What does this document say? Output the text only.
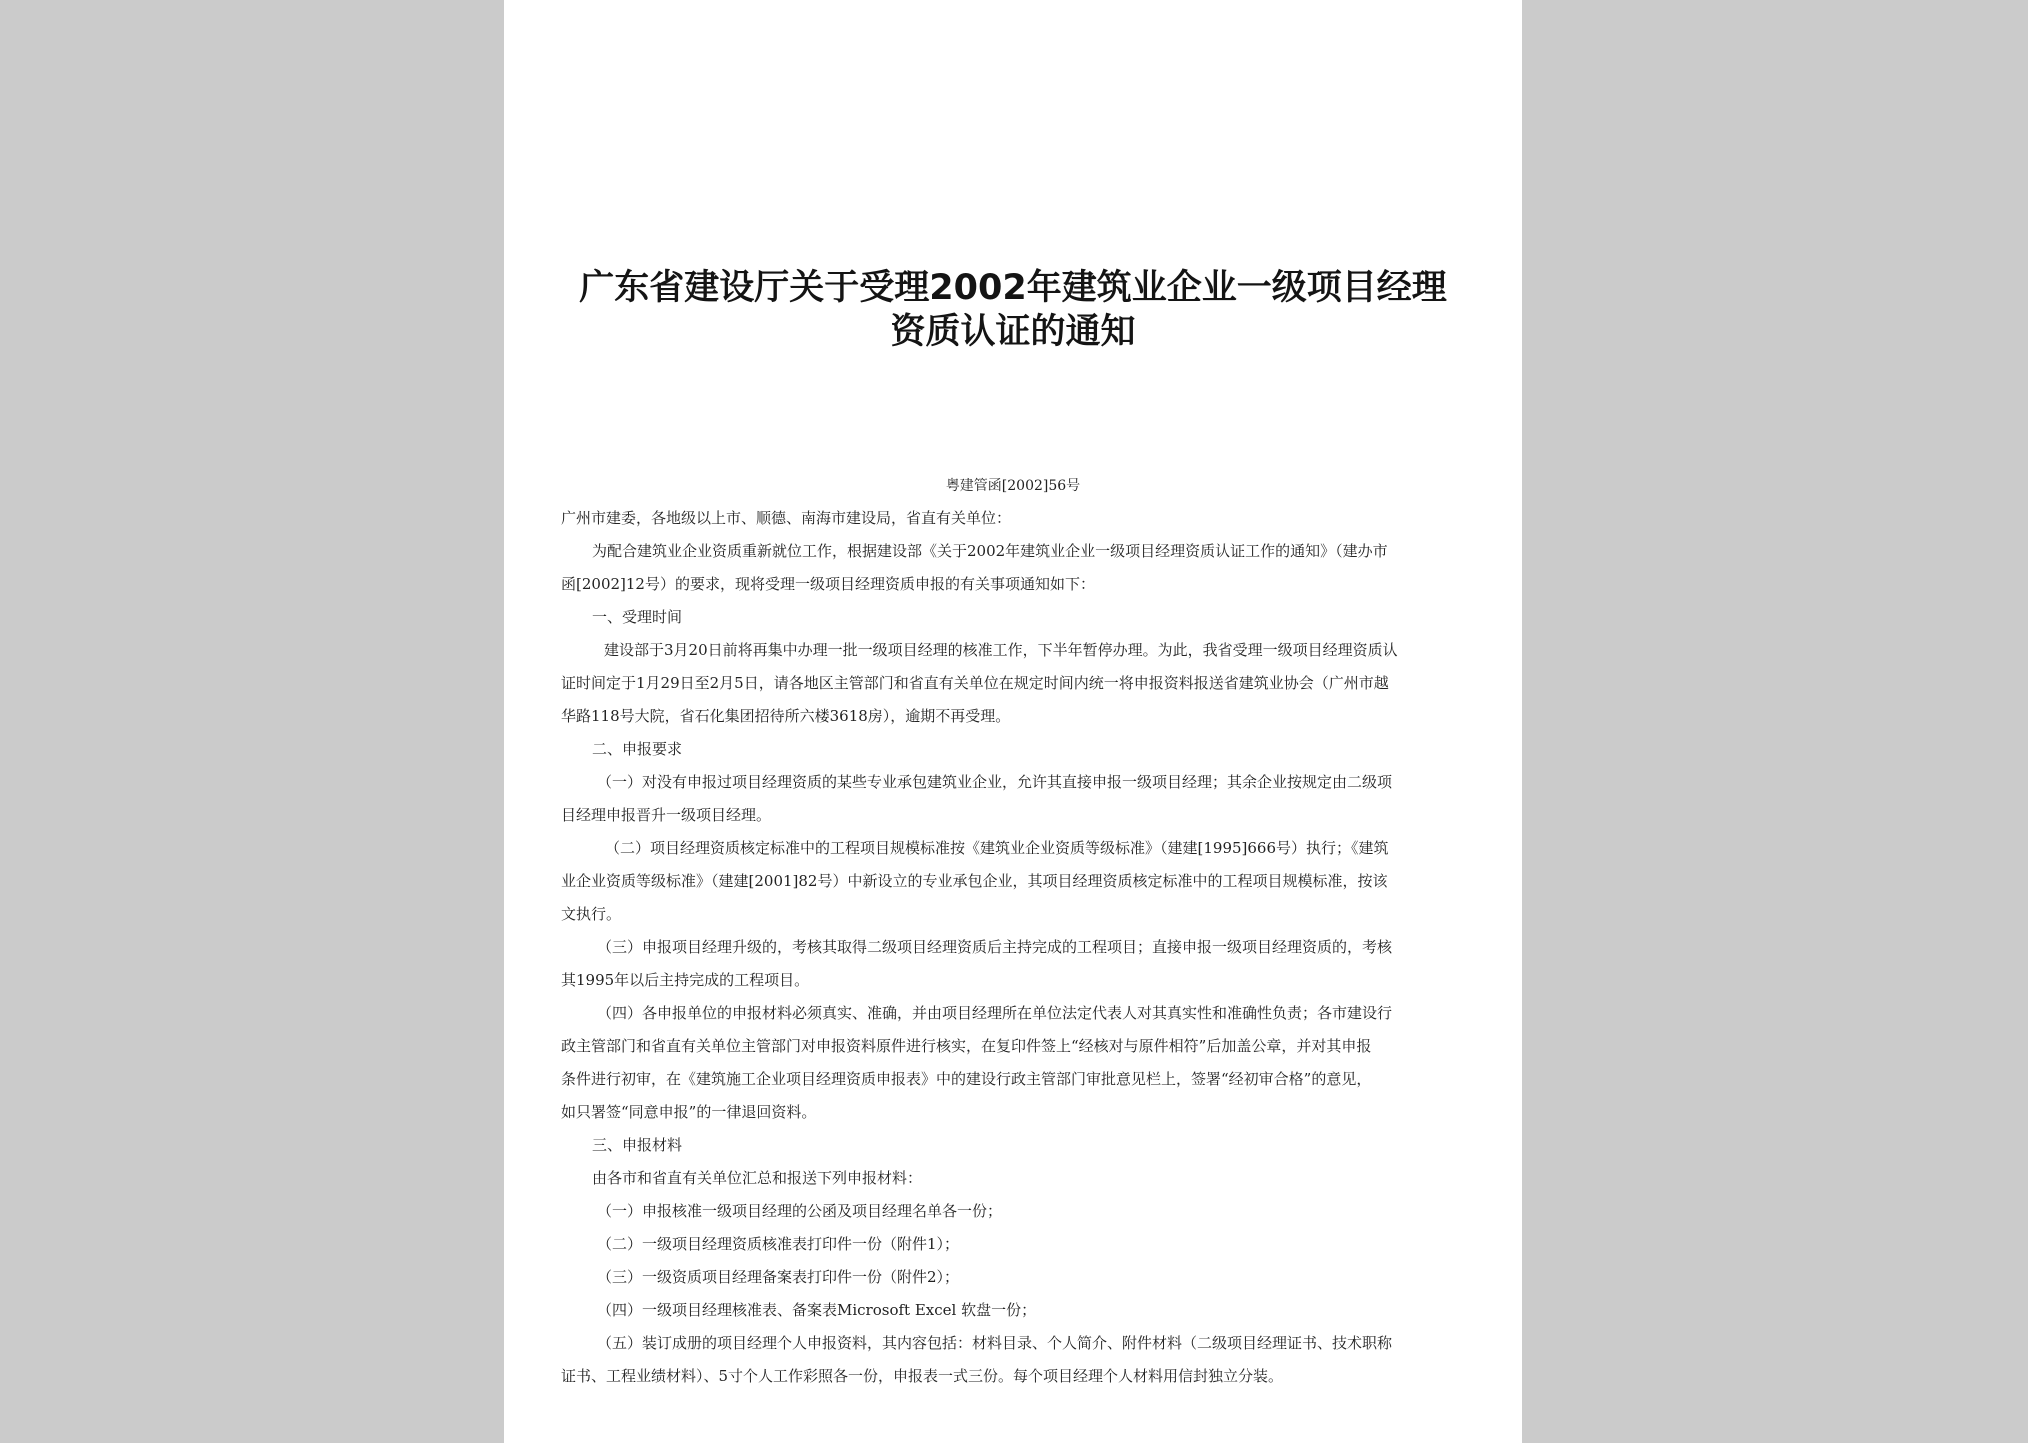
广东省建设厅关于受理2002年建筑业企业一级项目经理
资质认证的通知
粤建管函[2002]56号
广州市建委，各地级以上市、顺德、南海市建设局，省直有关单位：
为配合建筑业企业资质重新就位工作，根据建设部《关于2002年建筑业企业一级项目经理资质认证工作的通知》（建办市
函[2002]12号）的要求，现将受理一级项目经理资质申报的有关事项通知如下：
一、受理时间
建设部于3月20日前将再集中办理一批一级项目经理的核准工作，下半年暂停办理。为此，我省受理一级项目经理资质认
证时间定于1月29日至2月5日，请各地区主管部门和省直有关单位在规定时间内统一将申报资料报送省建筑业协会（广州市越
华路118号大院，省石化集团招待所六楼3618房），逾期不再受理。
二、申报要求
（一）对没有申报过项目经理资质的某些专业承包建筑业企业，允许其直接申报一级项目经理；其余企业按规定由二级项
目经理申报晋升一级项目经理。
（二）项目经理资质核定标准中的工程项目规模标准按《建筑业企业资质等级标准》（建建[1995]666号）执行；《建筑
业企业资质等级标准》（建建[2001]82号）中新设立的专业承包企业，其项目经理资质核定标准中的工程项目规模标准，按该
文执行。
（三）申报项目经理升级的，考核其取得二级项目经理资质后主持完成的工程项目；直接申报一级项目经理资质的，考核
其1995年以后主持完成的工程项目。
（四）各申报单位的申报材料必须真实、准确，并由项目经理所在单位法定代表人对其真实性和准确性负责；各市建设行
政主管部门和省直有关单位主管部门对申报资料原件进行核实，在复印件签上“经核对与原件相符”后加盖公章，并对其申报
条件进行初审，在《建筑施工企业项目经理资质申报表》中的建设行政主管部门审批意见栏上，签署“经初审合格”的意见，
如只署签“同意申报”的一律退回资料。
三、申报材料
由各市和省直有关单位汇总和报送下列申报材料：
（一）申报核准一级项目经理的公函及项目经理名单各一份；
（二）一级项目经理资质核准表打印件一份（附件1）；
（三）一级资质项目经理备案表打印件一份（附件2）；
（四）一级项目经理核准表、备案表Microsoft Excel 软盘一份；
（五）装订成册的项目经理个人申报资料，其内容包括：材料目录、个人简介、附件材料（二级项目经理证书、技术职称
证书、工程业绩材料）、5寸个人工作彩照各一份，申报表一式三份。每个项目经理个人材料用信封独立分装。
